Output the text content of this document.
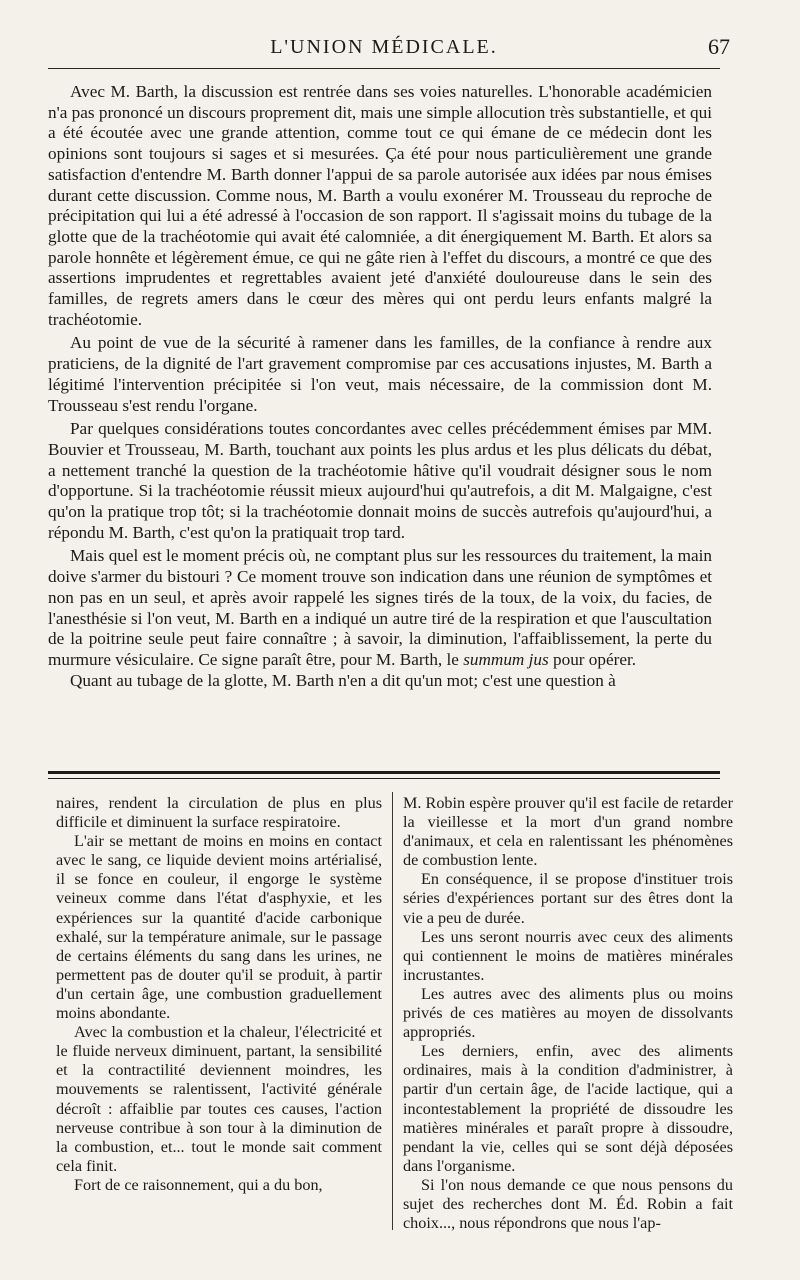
L'UNION MÉDICALE.	67

Avec M. Barth, la discussion est rentrée dans ses voies naturelles. L'honorable académicien n'a pas prononcé un discours proprement dit, mais une simple allocution très substantielle, et qui a été écoutée avec une grande attention, comme tout ce qui émane de ce médecin dont les opinions sont toujours si sages et si mesurées. Ça été pour nous particulièrement une grande satisfaction d'entendre M. Barth donner l'appui de sa parole autorisée aux idées par nous émises durant cette discussion. Comme nous, M. Barth a voulu exonérer M. Trousseau du reproche de précipitation qui lui a été adressé à l'occasion de son rapport. Il s'agissait moins du tubage de la glotte que de la trachéotomie qui avait été calomniée, a dit énergiquement M. Barth. Et alors sa parole honnête et légèrement émue, ce qui ne gâte rien à l'effet du discours, a montré ce que des assertions imprudentes et regrettables avaient jeté d'anxiété douloureuse dans le sein des familles, de regrets amers dans le cœur des mères qui ont perdu leurs enfants malgré la trachéotomie.

Au point de vue de la sécurité à ramener dans les familles, de la confiance à rendre aux praticiens, de la dignité de l'art gravement compromise par ces accusations injustes, M. Barth a légitimé l'intervention précipitée si l'on veut, mais nécessaire, de la commission dont M. Trousseau s'est rendu l'organe.

Par quelques considérations toutes concordantes avec celles précédemment émises par MM. Bouvier et Trousseau, M. Barth, touchant aux points les plus ardus et les plus délicats du débat, a nettement tranché la question de la trachéotomie hâtive qu'il voudrait désigner sous le nom d'opportune. Si la trachéotomie réussit mieux aujourd'hui qu'autrefois, a dit M. Malgaigne, c'est qu'on la pratique trop tôt; si la trachéotomie donnait moins de succès autrefois qu'aujourd'hui, a répondu M. Barth, c'est qu'on la pratiquait trop tard.

Mais quel est le moment précis où, ne comptant plus sur les ressources du traitement, la main doive s'armer du bistouri ? Ce moment trouve son indication dans une réunion de symptômes et non pas en un seul, et après avoir rappelé les signes tirés de la toux, de la voix, du facies, de l'anesthésie si l'on veut, M. Barth en a indiqué un autre tiré de la respiration et que l'auscultation de la poitrine seule peut faire connaître ; à savoir, la diminution, l'affaiblissement, la perte du murmure vésiculaire. Ce signe paraît être, pour M. Barth, le summum jus pour opérer.

Quant au tubage de la glotte, M. Barth n'en a dit qu'un mot; c'est une question à

naires, rendent la circulation de plus en plus difficile et diminuent la surface respiratoire.

L'air se mettant de moins en moins en contact avec le sang, ce liquide devient moins artérialisé, il se fonce en couleur, il engorge le système veineux comme dans l'état d'asphyxie, et les expériences sur la quantité d'acide carbonique exhalé, sur la température animale, sur le passage de certains éléments du sang dans les urines, ne permettent pas de douter qu'il se produit, à partir d'un certain âge, une combustion graduellement moins abondante.

Avec la combustion et la chaleur, l'électricité et le fluide nerveux diminuent, partant, la sensibilité et la contractilité deviennent moindres, les mouvements se ralentissent, l'activité générale décroît : affaiblie par toutes ces causes, l'action nerveuse contribue à son tour à la diminution de la combustion, et... tout le monde sait comment cela finit.

Fort de ce raisonnement, qui a du bon,

M. Robin espère prouver qu'il est facile de retarder la vieillesse et la mort d'un grand nombre d'animaux, et cela en ralentissant les phénomènes de combustion lente.

En conséquence, il se propose d'instituer trois séries d'expériences portant sur des êtres dont la vie a peu de durée.

Les uns seront nourris avec ceux des aliments qui contiennent le moins de matières minérales incrustantes.

Les autres avec des aliments plus ou moins privés de ces matières au moyen de dissolvants appropriés.

Les derniers, enfin, avec des aliments ordinaires, mais à la condition d'administrer, à partir d'un certain âge, de l'acide lactique, qui a incontestablement la propriété de dissoudre les matières minérales et paraît propre à dissoudre, pendant la vie, celles qui se sont déjà déposées dans l'organisme.

Si l'on nous demande ce que nous pensons du sujet des recherches dont M. Éd. Robin a fait choix..., nous répondrons que nous l'ap-
